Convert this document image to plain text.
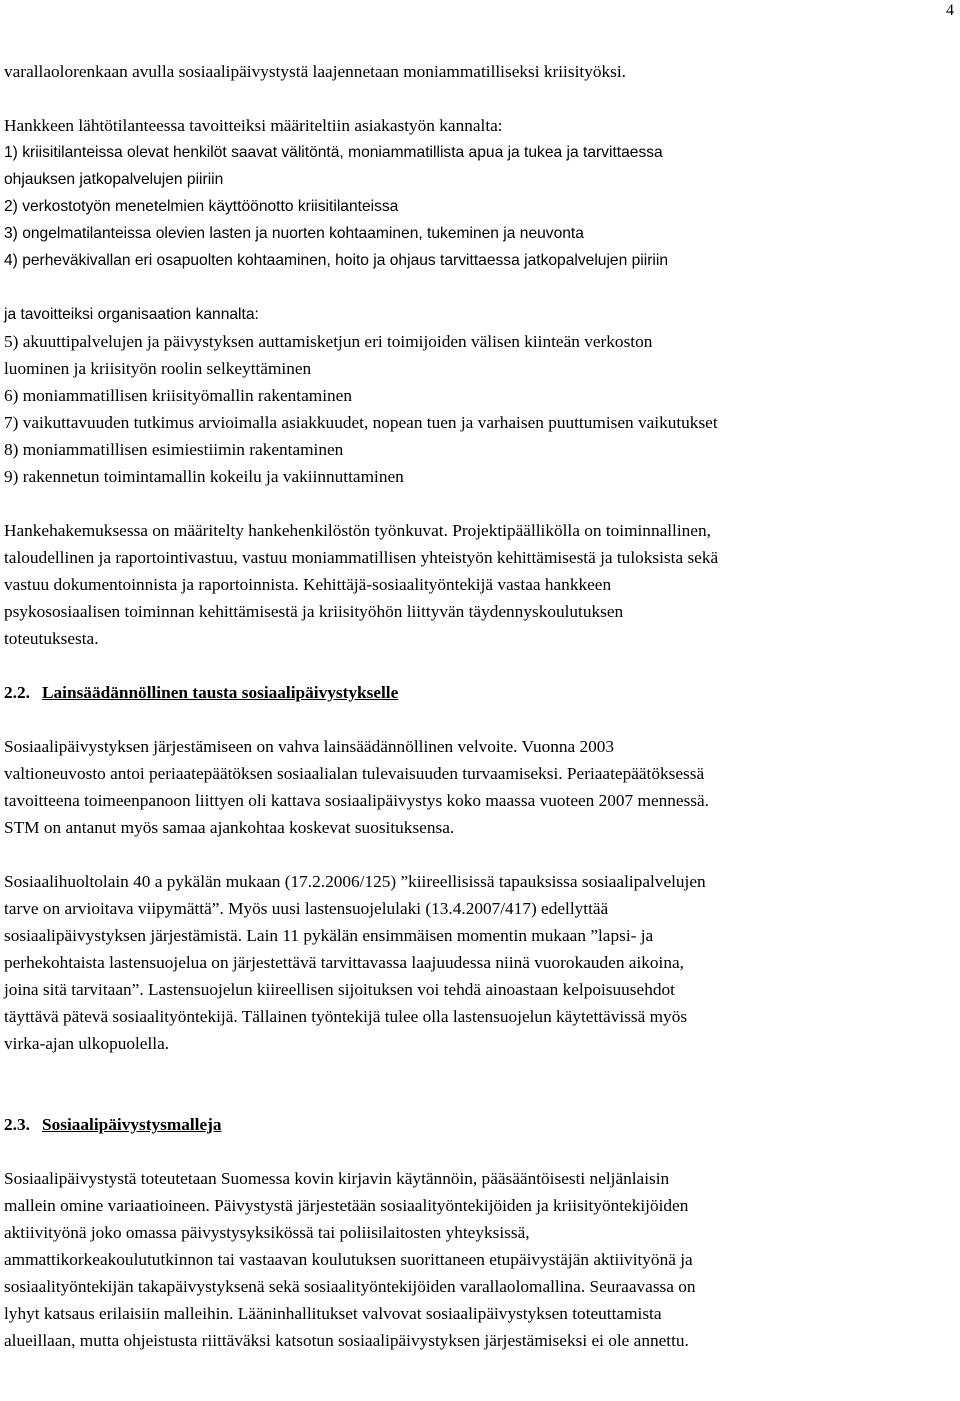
4
varallaolorenkaan avulla sosiaalipäivystystä laajennetaan moniammatilliseksi kriisityöksi.
Hankkeen lähtötilanteessa tavoitteiksi määriteltiin asiakastyön kannalta:
1) kriisitilanteissa olevat henkilöt saavat välitöntä, moniammatillista apua ja tukea ja tarvittaessa
ohjauksen jatkopalvelujen piiriin
2) verkostotyön menetelmien käyttöönotto kriisitilanteissa
3) ongelmatilanteissa olevien lasten ja nuorten kohtaaminen, tukeminen ja neuvonta
4) perheväkivallan eri osapuolten kohtaaminen, hoito ja ohjaus tarvittaessa jatkopalvelujen piiriin
ja tavoitteiksi organisaation kannalta:
5) akuuttipalvelujen ja päivystyksen auttamisketjun eri toimijoiden välisen kiinteän verkoston
luominen ja kriisityön roolin selkeyttäminen
6) moniammatillisen kriisityömallin rakentaminen
7) vaikuttavuuden tutkimus arvioimalla asiakkuudet, nopean tuen ja varhaisen puuttumisen vaikutukset
8) moniammatillisen esimiestiimin rakentaminen
9) rakennetun toimintamallin kokeilu ja vakiinnuttaminen
Hankehakemuksessa on määritelty hankehenkilöstön työnkuvat. Projektipäällikölla on toiminnallinen,
taloudellinen ja raportointivastuu, vastuu moniammatillisen yhteistyön kehittämisestä ja tuloksista sekä
vastuu dokumentoinnista ja raportoinnista. Kehittäjä-sosiaalityöntekijä vastaa hankkeen
psykososiaalisen toiminnan kehittämisestä ja kriisityöhön liittyvän täydennyskoulutuksen
toteutuksesta.
2.2. Lainsäädännöllinen tausta sosiaalipäivystykselle
Sosiaalipäivystyksen järjestämiseen on vahva lainsäädännöllinen velvoite. Vuonna 2003
valtioneuvosto antoi periaatepäätöksen sosiaalialan tulevaisuuden turvaamiseksi. Periaatepäätöksessä
tavoitteena toimeenpanoon liittyen oli kattava sosiaalipäivystys koko maassa vuoteen 2007 mennessä.
STM on antanut myös samaa ajankohtaa koskevat suosituksensa.
Sosiaalihuoltolain 40 a pykälän mukaan (17.2.2006/125) ”kiireellisissä tapauksissa sosiaalipalvelujen
tarve on arvioitava viipymättä”. Myös uusi lastensuojelulaki (13.4.2007/417) edellyttää
sosiaalipäivystyksen järjestämistä. Lain 11 pykälän ensimmäisen momentin mukaan ”lapsi- ja
perhekohtaista lastensuojelua on järjestettävä tarvittavassa laajuudessa niinä vuorokauden aikoina,
joina sitä tarvitaan”. Lastensuojelun kiireellisen sijoituksen voi tehdä ainoastaan kelpoisuusehdot
täyttävä pätevä sosiaalityöntekijä. Tällainen työntekijä tulee olla lastensuojelun käytettävissä myös
virka-ajan ulkopuolella.
2.3. Sosiaalipäivystysmalleja
Sosiaalipäivystystä toteutetaan Suomessa kovin kirjavin käytännöin, pääsääntöisesti neljänlaisin
mallein omine variaatioineen. Päivystystä järjestetään sosiaalityöntekijöiden ja kriisityöntekijöiden
aktiivityönä joko omassa päivystysyksikössä tai poliisilaitosten yhteyksissä,
ammattikorkeakoulututkinnon tai vastaavan koulutuksen suorittaneen etupäivystäjän aktiivityönä ja
sosiaalityöntekijän takapäivystyksenä sekä sosiaalityöntekijöiden varallaolomallina. Seuraavassa on
lyhyt katsaus erilaisiin malleihin. Lääninhallitukset valvovat sosiaalipäivystyksen toteuttamista
alueillaan, mutta ohjeistusta riittäväksi katsotun sosiaalipäivystyksen järjestämiseksi ei ole annettu.
